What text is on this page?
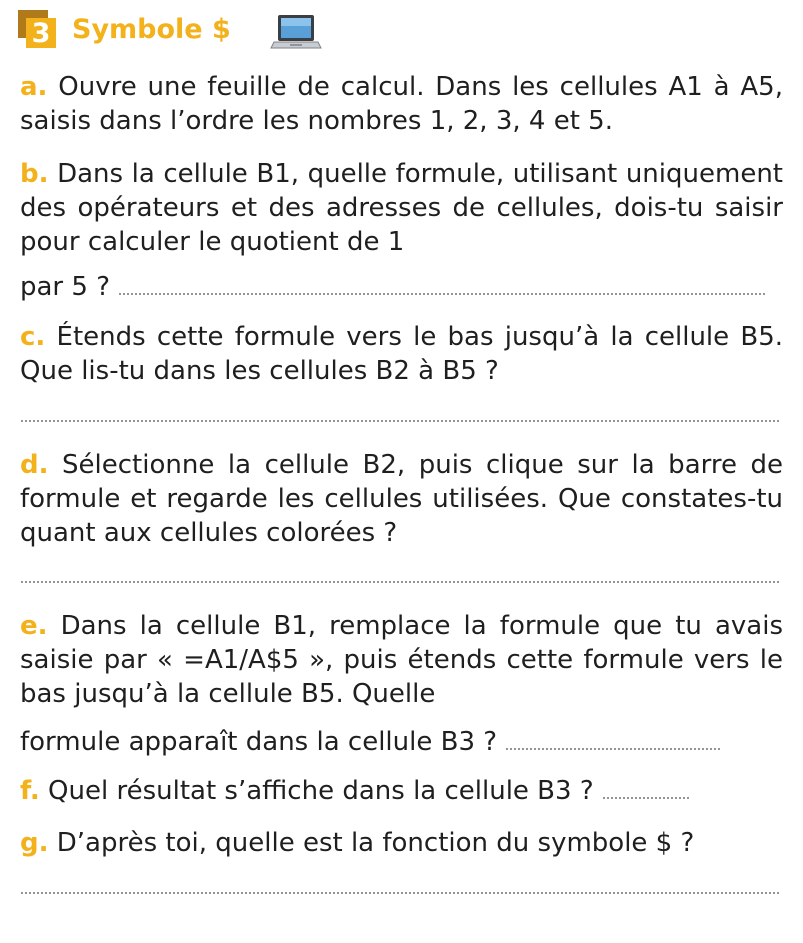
3 Symbole $
a. Ouvre une feuille de calcul. Dans les cellules A1 à A5, saisis dans l’ordre les nombres 1, 2, 3, 4 et 5.
b. Dans la cellule B1, quelle formule, utilisant uniquement des opérateurs et des adresses de cellules, dois-tu saisir pour calculer le quotient de 1
par 5 ?
c. Étends cette formule vers le bas jusqu’à la cellule B5. Que lis-tu dans les cellules B2 à B5 ?
d. Sélectionne la cellule B2, puis clique sur la barre de formule et regarde les cellules utilisées. Que constates-tu quant aux cellules colorées ?
e. Dans la cellule B1, remplace la formule que tu avais saisie par « =A1/A$5 », puis étends cette formule vers le bas jusqu’à la cellule B5. Quelle
formule apparaît dans la cellule B3 ?
f. Quel résultat s’affiche dans la cellule B3 ?
g. D’après toi, quelle est la fonction du symbole $ ?
